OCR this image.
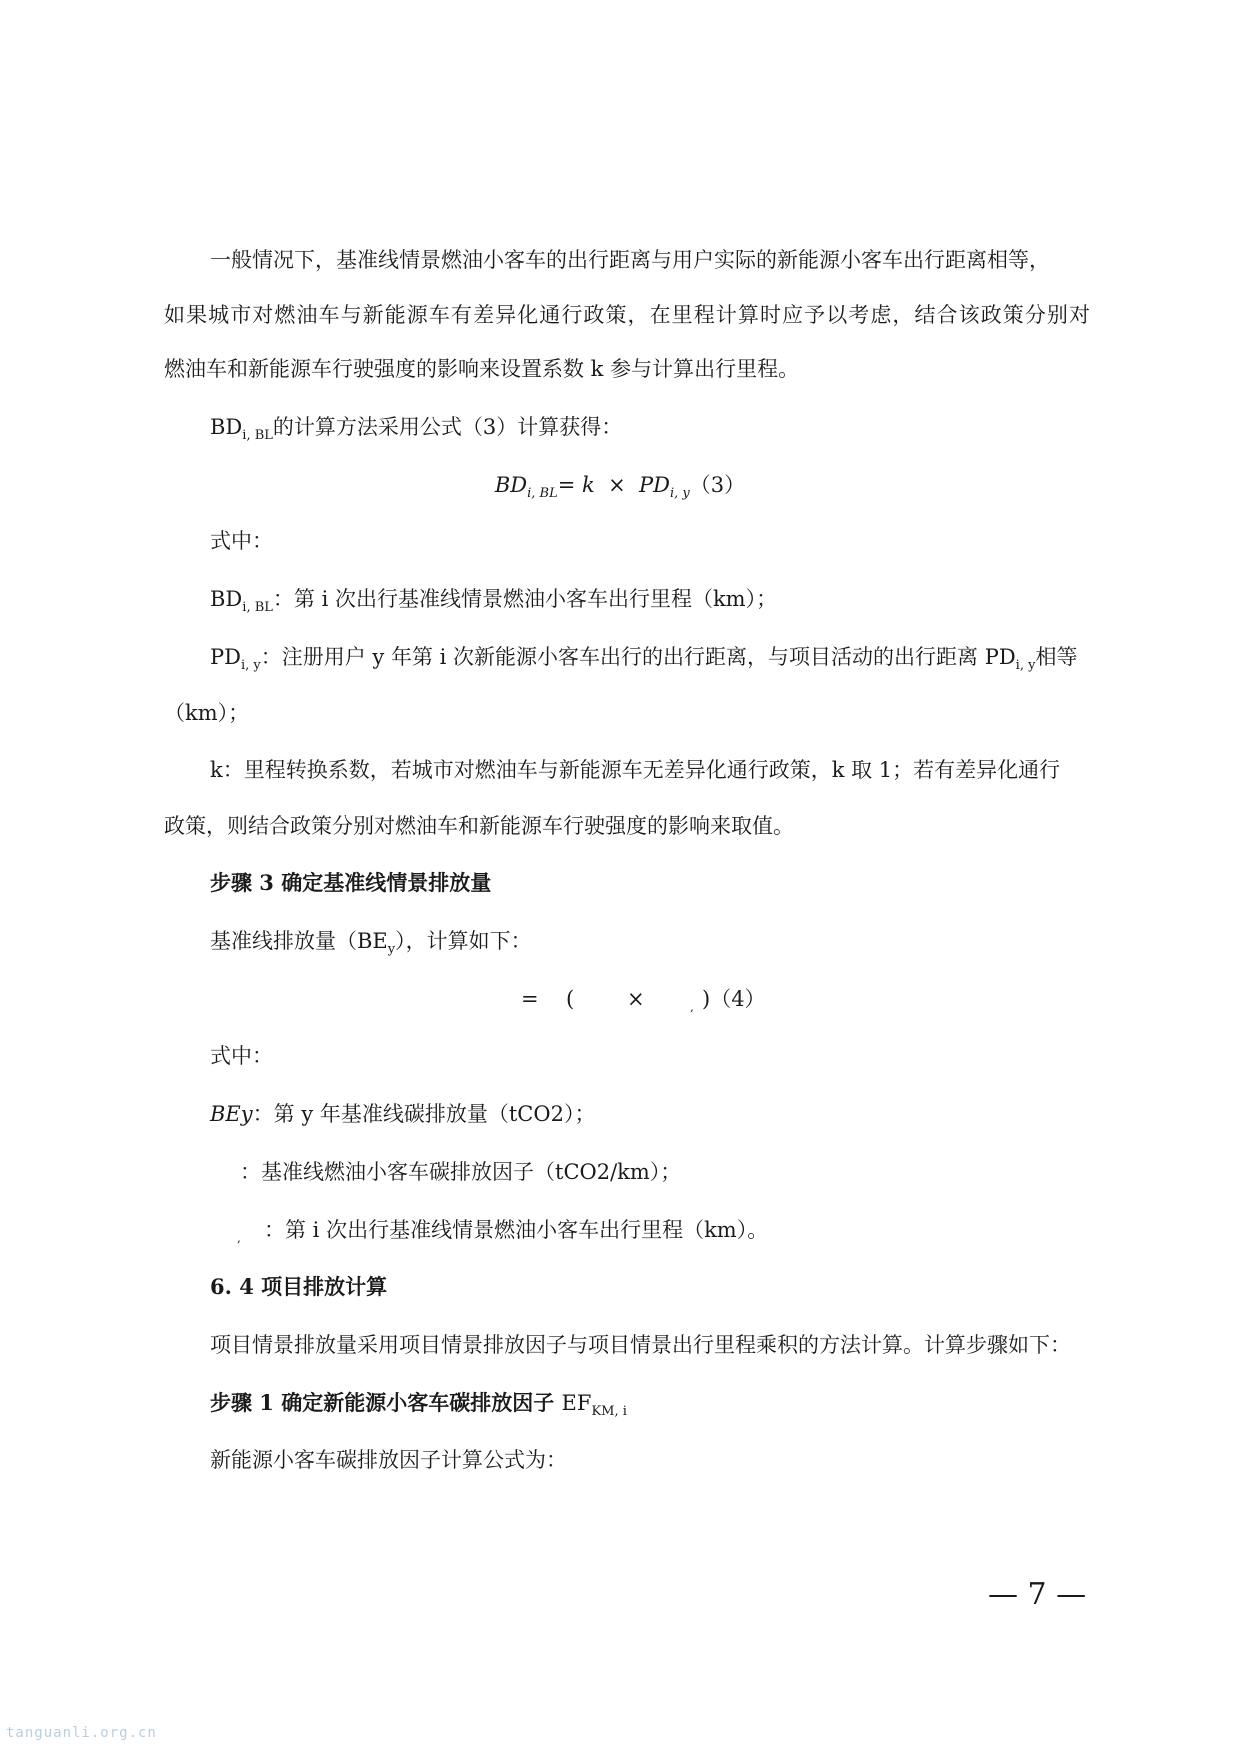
一般情况下，基准线情景燃油小客车的出行距离与用户实际的新能源小客车出行距离相等，
如果城市对燃油车与新能源车有差异化通行政策，在里程计算时应予以考虑，结合该政策分别对
燃油车和新能源车行驶强度的影响来设置系数 k 参与计算出行里程。
$BD_{i, BL}$的计算方法采用公式（3）计算获得：
$BD_{i, BL}= k \times PD_{i, y}(3)$
式中：
$BD_{i, BL}$：第 i 次出行基准线情景燃油小客车出行里程（km）；
$PD_{i, y}$：注册用户 y 年第 i 次新能源小客车出行的出行距离，与项目活动的出行距离 $PD_{i, y}$相等
（km）；
k：里程转换系数，若城市对燃油车与新能源车无差异化通行政策，k 取 1；若有差异化通行
政策，则结合政策分别对燃油车和新能源车行驶强度的影响来取值。
步骤 3 确定基准线情景排放量
基准线排放量$(BE_y)$，计算如下：
= (	×	, )（4）
式中：
BEy：第 y 年基准线碳排放量（tCO2）；
：基准线燃油小客车碳排放因子（tCO2/km）；
, ：第 i 次出行基准线情景燃油小客车出行里程（km）。
6. 4 项目排放计算
项目情景排放量采用项目情景排放因子与项目情景出行里程乘积的方法计算。计算步骤如下：
步骤 1 确定新能源小客车碳排放因子 $EF_{KM, i}$
新能源小客车碳排放因子计算公式为：
— 7 —
tanguanli.org.cn
